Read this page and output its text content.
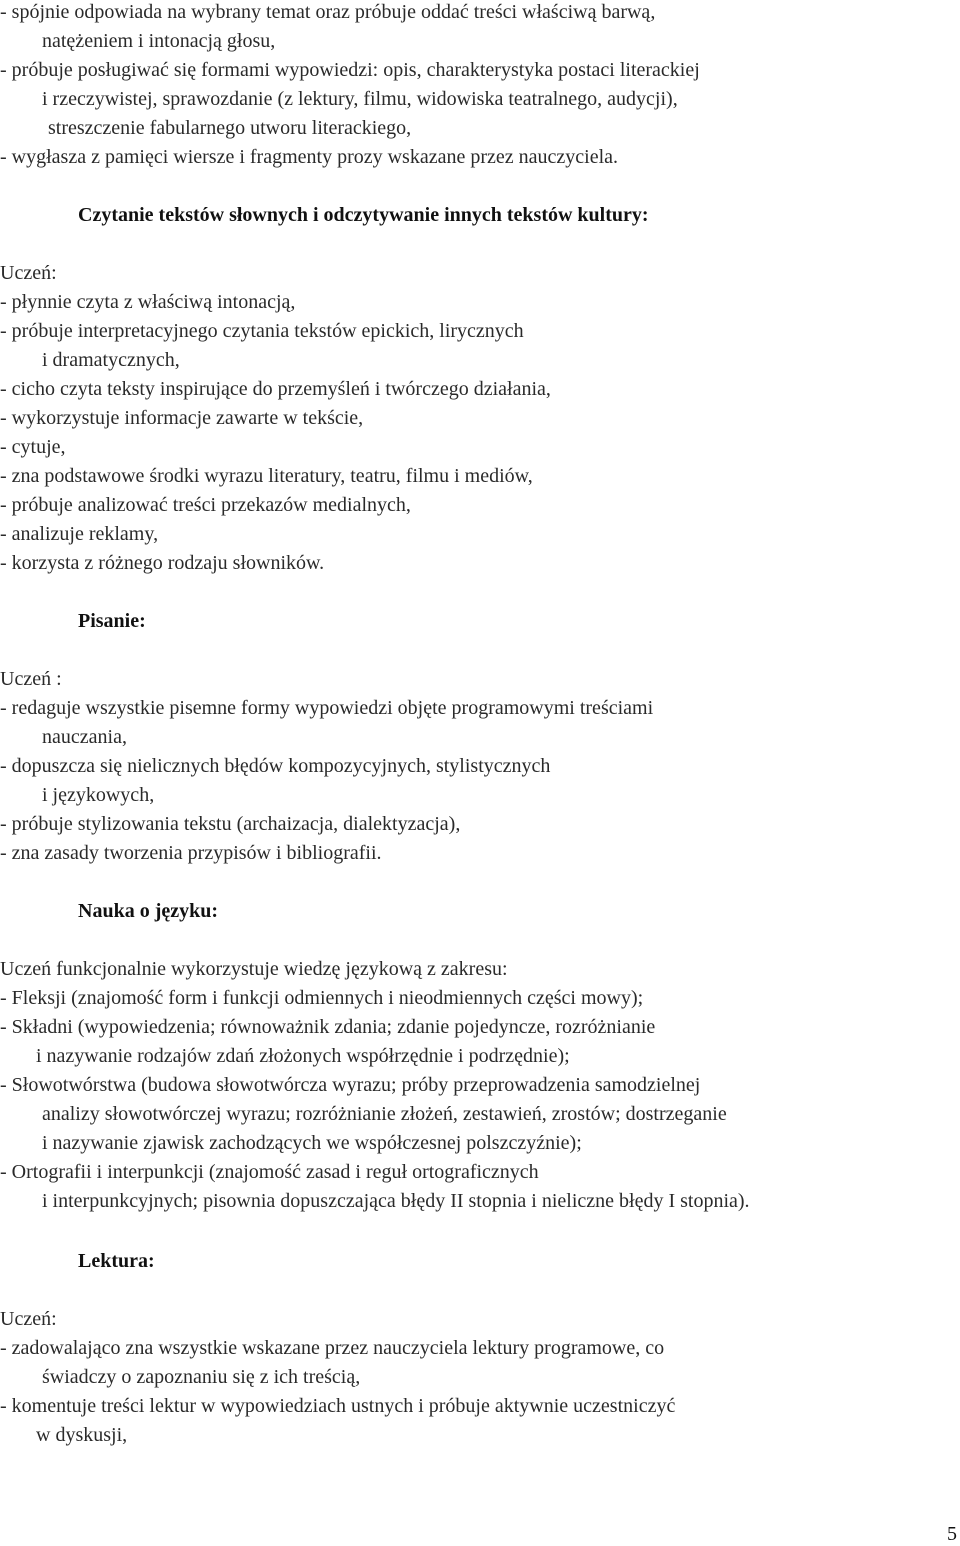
- spójnie odpowiada na wybrany temat oraz próbuje oddać treści właściwą barwą,
natężeniem i intonacją głosu,
- próbuje posługiwać się formami wypowiedzi: opis, charakterystyka postaci literackiej
i rzeczywistej, sprawozdanie (z lektury, filmu, widowiska teatralnego, audycji),
streszczenie fabularnego utworu literackiego,
- wygłasza z pamięci wiersze i fragmenty prozy wskazane przez nauczyciela.
Czytanie tekstów słownych i odczytywanie innych tekstów kultury:
Uczeń:
- płynnie czyta z właściwą intonacją,
- próbuje interpretacyjnego czytania tekstów epickich, lirycznych
i dramatycznych,
- cicho czyta teksty inspirujące do przemyśleń i twórczego działania,
- wykorzystuje informacje zawarte w tekście,
- cytuje,
- zna podstawowe środki wyrazu literatury, teatru, filmu i mediów,
- próbuje analizować treści przekazów medialnych,
- analizuje reklamy,
- korzysta z różnego rodzaju słowników.
Pisanie:
Uczeń :
- redaguje wszystkie pisemne formy wypowiedzi objęte programowymi treściami
nauczania,
- dopuszcza się nielicznych błędów kompozycyjnych, stylistycznych
i językowych,
- próbuje stylizowania tekstu (archaizacja, dialektyzacja),
- zna zasady tworzenia przypisów i bibliografii.
Nauka o języku:
Uczeń funkcjonalnie wykorzystuje wiedzę językową z zakresu:
- Fleksji (znajomość form i funkcji odmiennych i nieodmiennych części mowy);
- Składni (wypowiedzenia; równoważnik zdania; zdanie pojedyncze, rozróżnianie
i nazywanie rodzajów zdań złożonych współrzędnie i podrzędnie);
- Słowotwórstwa (budowa słowotwórcza wyrazu; próby przeprowadzenia samodzielnej
analizy słowotwórczej wyrazu; rozróżnianie złożeń, zestawień, zrostów; dostrzeganie
i nazywanie zjawisk zachodzących we współczesnej polszczyźnie);
- Ortografii i interpunkcji (znajomość zasad i reguł ortograficznych
i interpunkcyjnych; pisownia dopuszczająca błędy II stopnia i nieliczne błędy I stopnia).
Lektura:
Uczeń:
- zadowalająco zna wszystkie wskazane przez nauczyciela lektury programowe, co
świadczy o zapoznaniu się z ich treścią,
- komentuje treści lektur w wypowiedziach ustnych i próbuje aktywnie uczestniczyć
w dyskusji,
5
